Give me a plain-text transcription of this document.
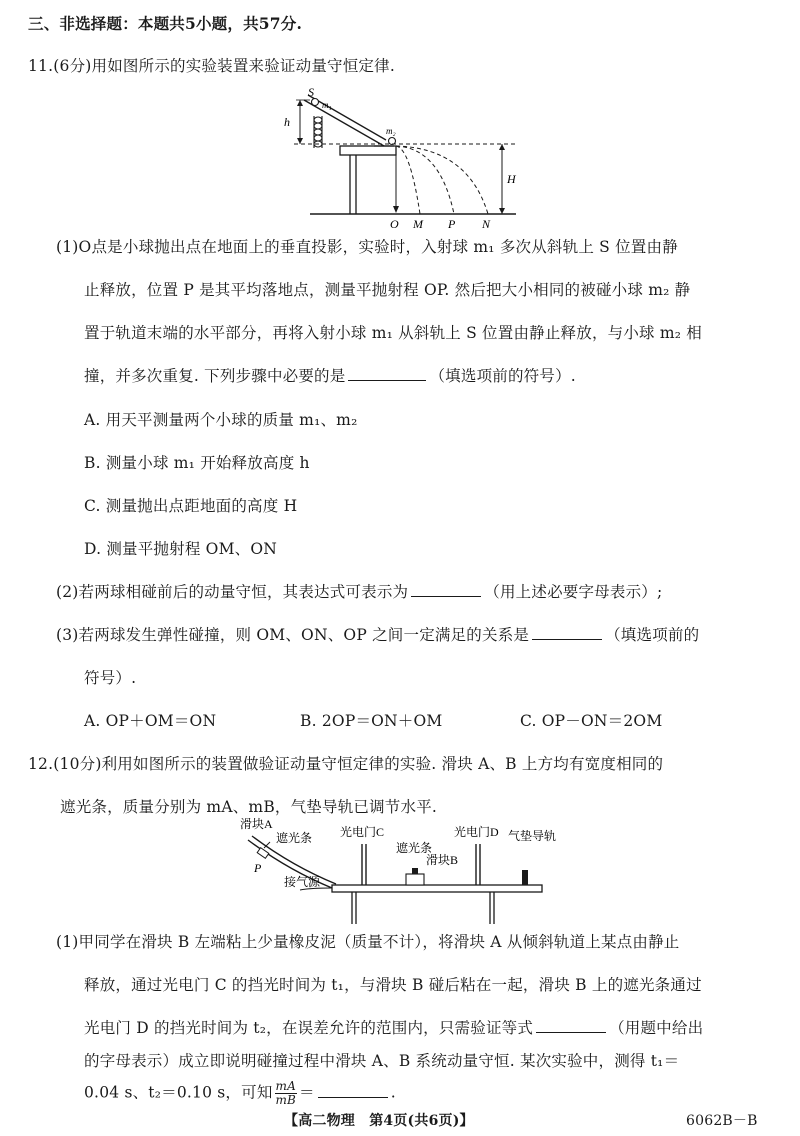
三、非选择题：本题共5小题，共57分.
11.(6分)用如图所示的实验装置来验证动量守恒定律.
S
m₁
m₂
h
H
O M P N
(1)O点是小球抛出点在地面上的垂直投影，实验时，入射球 m₁ 多次从斜轨上 S 位置由静
止释放，位置 P 是其平均落地点，测量平抛射程 OP. 然后把大小相同的被碰小球 m₂ 静
置于轨道末端的水平部分，再将入射小球 m₁ 从斜轨上 S 位置由静止释放，与小球 m₂ 相
撞，并多次重复. 下列步骤中必要的是	（填选项前的符号）.
A. 用天平测量两个小球的质量 m₁、m₂
B. 测量小球 m₁ 开始释放高度 h
C. 测量抛出点距地面的高度 H
D. 测量平抛射程 OM、ON
(2)若两球相碰前后的动量守恒，其表达式可表示为	（用上述必要字母表示）;
(3)若两球发生弹性碰撞，则 OM、ON、OP 之间一定满足的关系是	（填选项前的
符号）.
A. OP＋OM＝ON	B. 2OP＝ON＋OM	C. OP－ON＝2OM
12.(10分)利用如图所示的装置做验证动量守恒定律的实验. 滑块 A、B 上方均有宽度相同的
遮光条，质量分别为 mA、mB，气垫导轨已调节水平.
滑块A
遮光条
P
光电门C	光电门D 气垫导轨
遮光条
滑块B
接气源
(1)甲同学在滑块 B 左端粘上少量橡皮泥（质量不计），将滑块 A 从倾斜轨道上某点由静止
释放，通过光电门 C 的挡光时间为 t₁，与滑块 B 碰后粘在一起，滑块 B 上的遮光条通过
光电门 D 的挡光时间为 t₂，在误差允许的范围内，只需验证等式	（用题中给出
的字母表示）成立即说明碰撞过程中滑块 A、B 系统动量守恒. 某次实验中，测得 t₁＝
0.04 s、t₂＝0.10 s，可知 $\frac{mA}{mB}$ ＝	.
【高二物理　第4页(共6页)】	6062B－B
